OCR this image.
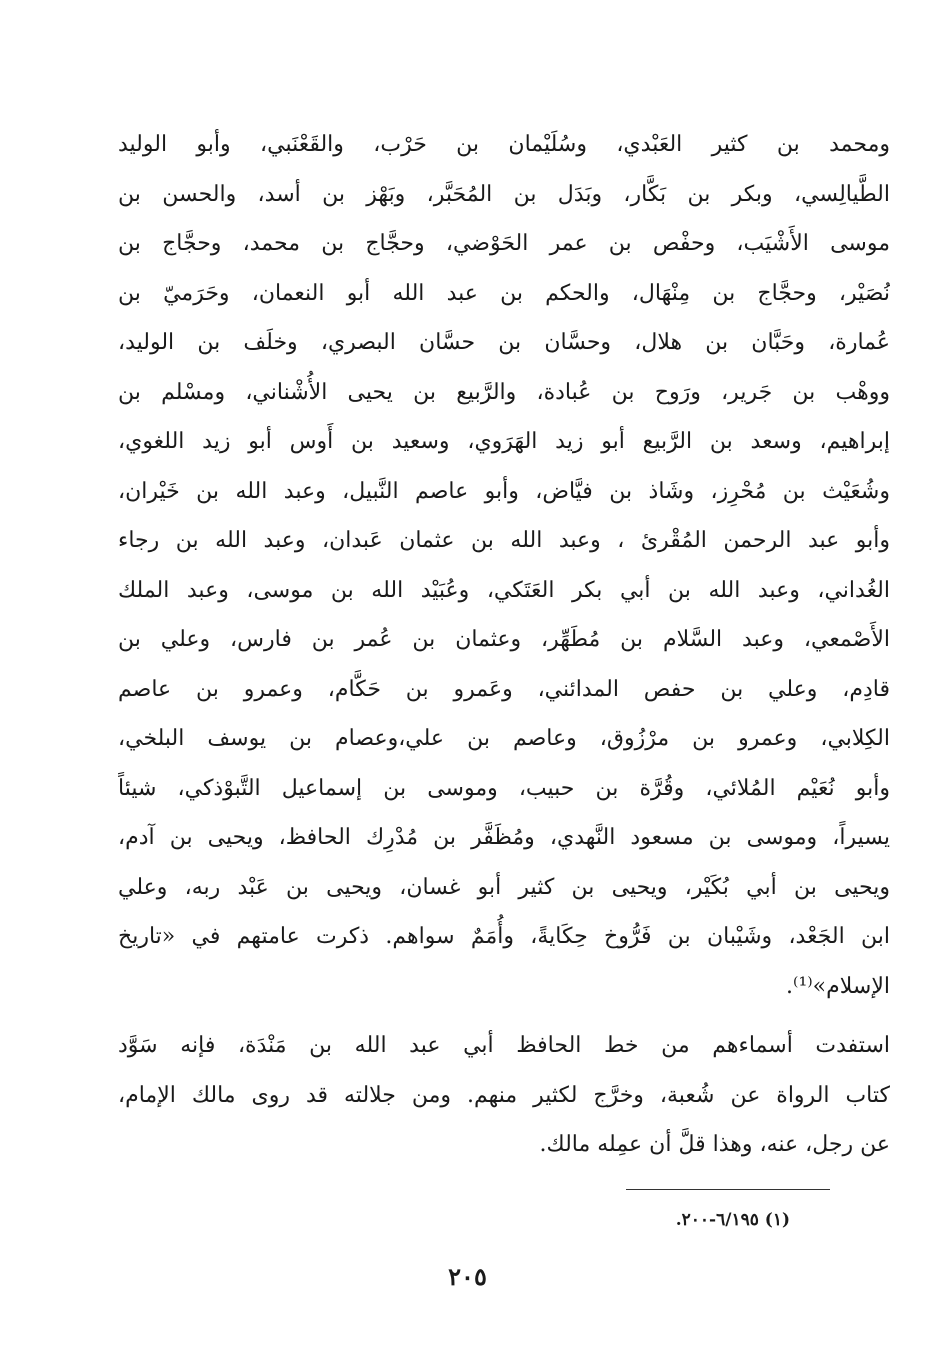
ومحمد بن كثير العَبْدي، وسُلَيْمان بن حَرْب، والقَعْنَبي، وأبو الوليد
الطَّيالِسي، وبكر بن بَكَّار، وبَدَل بن المُحَبَّر، وبَهْز بن أسد، والحسن بن
موسى الأَشْيَب، وحفْص بن عمر الحَوْضي، وحجَّاج بن محمد، وحجَّاج بن
نُصَيْر، وحجَّاج بن مِنْهَال، والحكم بن عبد الله أبو النعمان، وحَرَميّ بن
عُمارة، وحَبَّان بن هلال، وحسَّان بن حسَّان البصري، وخلَف بن الوليد،
ووهْب بن جَرير، ورَوح بن عُبادة، والرَّبيع بن يحيى الأُشْناني، ومسْلم بن
إبراهيم، وسعد بن الرَّبيع أبو زيد الهَرَوي، وسعيد بن أَوس أبو زيد اللغوي،
وشُعَيْث بن مُحْرِز، وشَاذ بن فيَّاض، وأبو عاصم النَّبيل، وعبد الله بن خَيْران،
وأبو عبد الرحمن المُقْرئ ، وعبد الله بن عثمان عَبدان، وعبد الله بن رجاء
الغُداني، وعبد الله بن أبي بكر العَتَكي، وعُبَيْد الله بن موسى، وعبد الملك
الأَصْمعي، وعبد السَّلام بن مُطَهِّر، وعثمان بن عُمر بن فارس، وعلي بن
قادِم، وعلي بن حفص المدائني، وعَمرو بن حَكَّام، وعمرو بن عاصم
الكِلابي، وعمرو بن مرْزُوق، وعاصم بن علي،وعصام بن يوسف البلخي،
وأبو نُعَيْم المُلائي، وقُرَّة بن حبيب، وموسى بن إسماعيل التَّبوْذكي، شيئاً
يسيراً، وموسى بن مسعود النَّهدي، ومُظَفَّر بن مُدْرِك الحافظ، ويحيى بن آدم،
ويحيى بن أبي بُكَيْر، ويحيى بن كثير أبو غسان، ويحيى بن عَبْد ربه، وعلي
ابن الجَعْد، وشَيْبان بن فَرُّوخ حِكَايةً، وأُمَمٌ سواهم. ذكرت عامتهم في «تاريخ
الإسلام»⁽¹⁾.
استفدت أسماءهم من خط الحافظ أبي عبد الله بن مَنْدَة، فإنه سَوَّد
كتاب الرواة عن شُعبة، وخرَّج لكثير منهم. ومن جلالته قد روى مالك الإمام،
عن رجل، عنه، وهذا قلَّ أن عمِله مالك.
(١) ٦/١٩٥-٢٠٠.
٢٠٥
